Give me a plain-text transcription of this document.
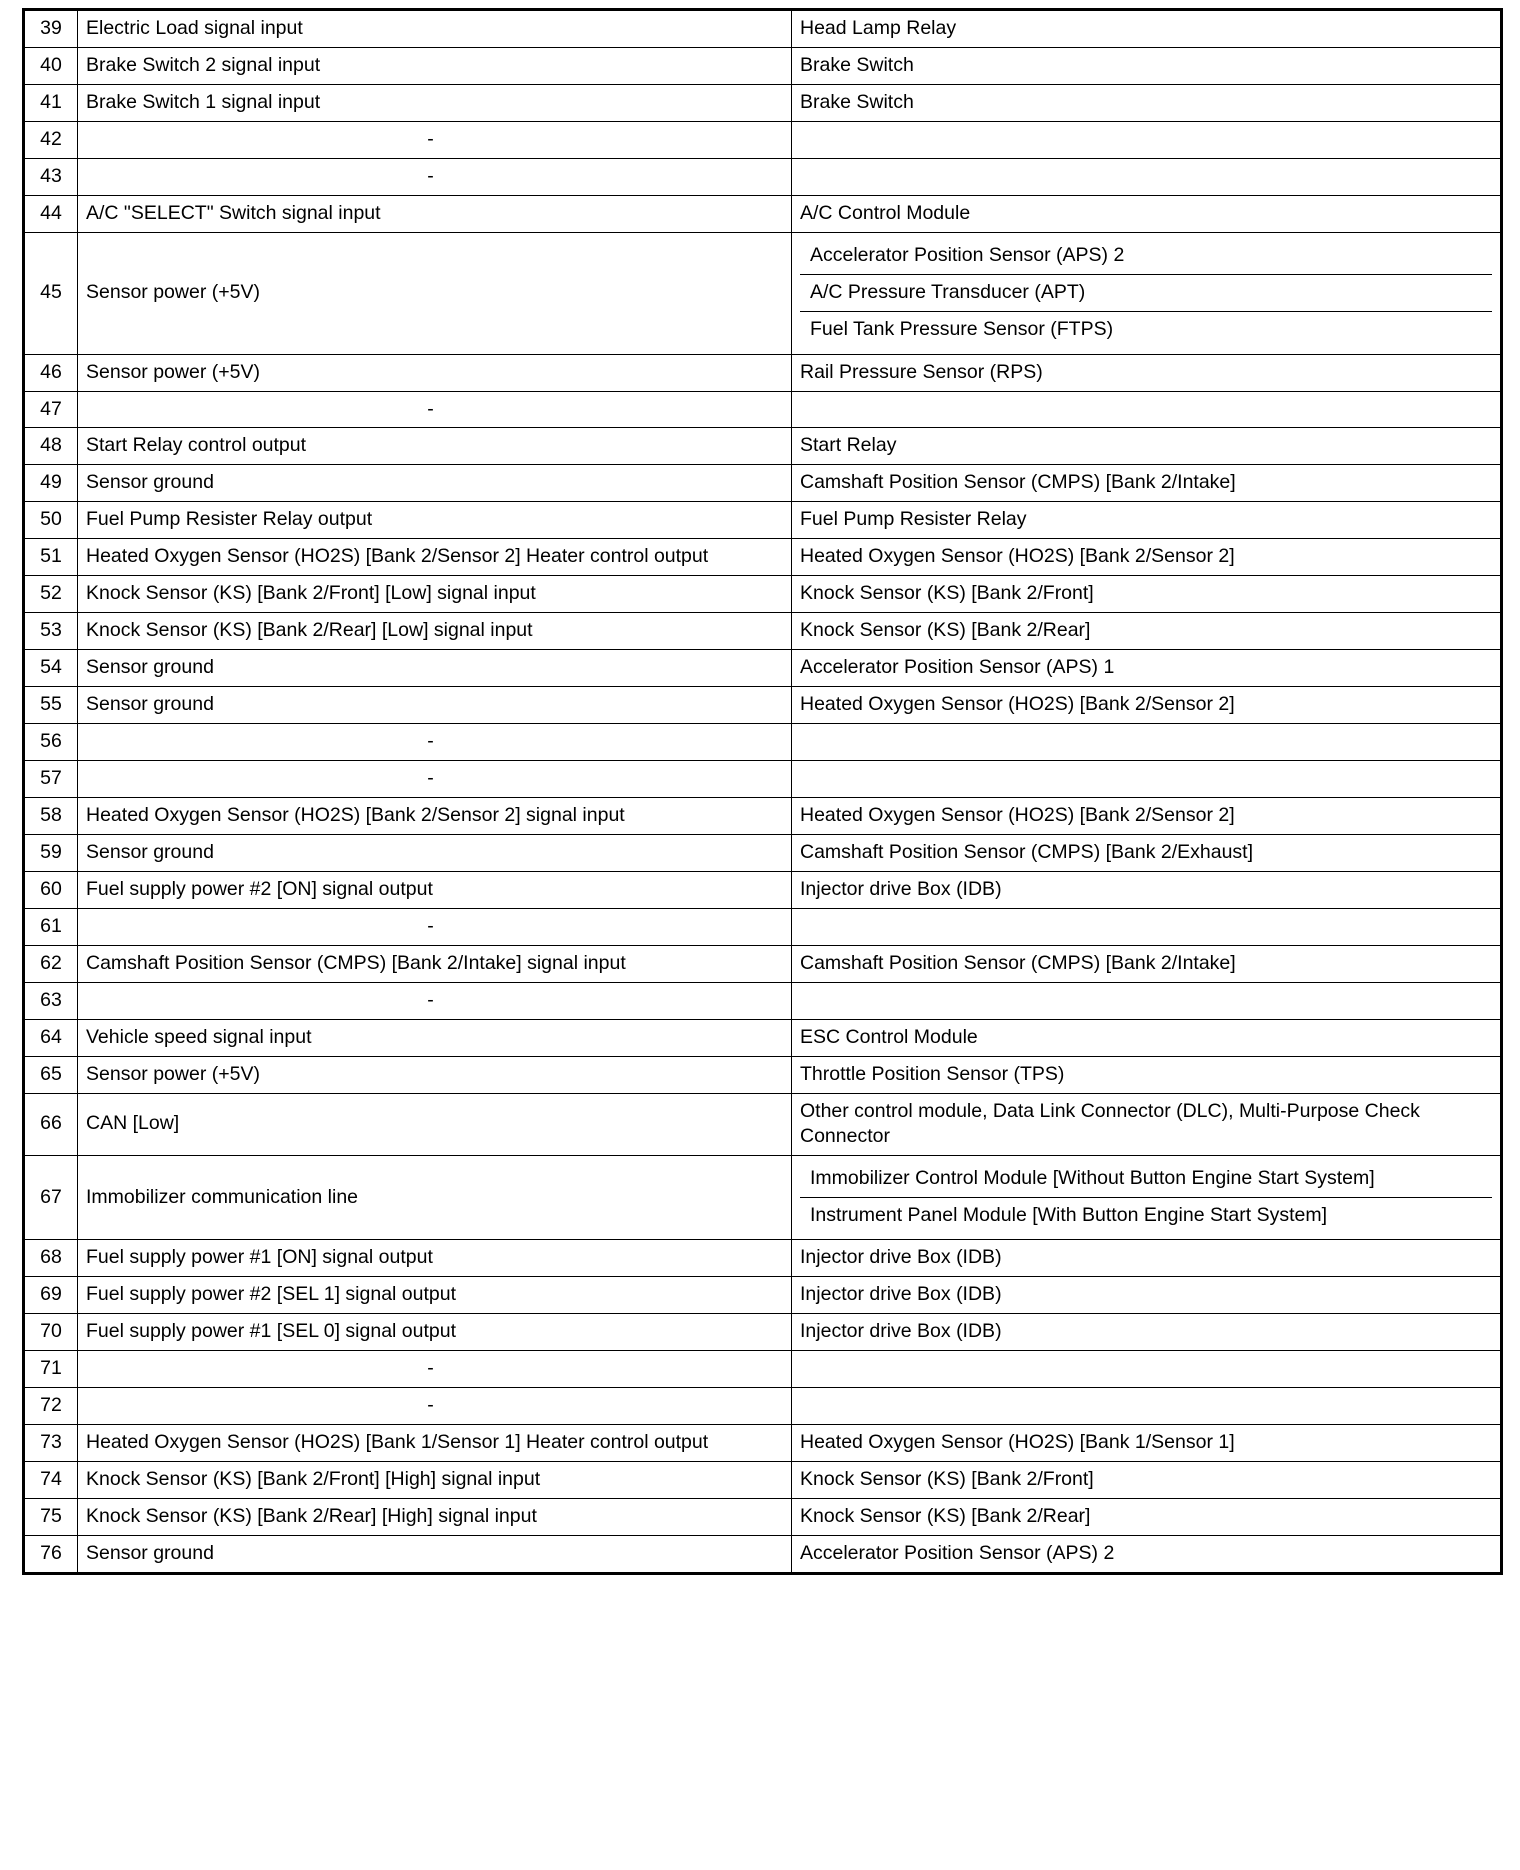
39	Electric Load signal input	Head Lamp Relay
40	Brake Switch 2 signal input	Brake Switch
41	Brake Switch 1 signal input	Brake Switch
42	-	
43	-	
44	A/C "SELECT" Switch signal input	A/C Control Module
45	Sensor power (+5V)	Accelerator Position Sensor (APS) 2
A/C Pressure Transducer (APT)
Fuel Tank Pressure Sensor (FTPS)

46	Sensor power (+5V)	Rail Pressure Sensor (RPS)
47	-	
48	Start Relay control output	Start Relay
49	Sensor ground	Camshaft Position Sensor (CMPS) [Bank 2/Intake]
50	Fuel Pump Resister Relay output	Fuel Pump Resister Relay
51	Heated Oxygen Sensor (HO2S) [Bank 2/Sensor 2] Heater control output	Heated Oxygen Sensor (HO2S) [Bank 2/Sensor 2]
52	Knock Sensor (KS) [Bank 2/Front] [Low] signal input	Knock Sensor (KS) [Bank 2/Front]
53	Knock Sensor (KS) [Bank 2/Rear] [Low] signal input	Knock Sensor (KS) [Bank 2/Rear]
54	Sensor ground	Accelerator Position Sensor (APS) 1
55	Sensor ground	Heated Oxygen Sensor (HO2S) [Bank 2/Sensor 2]
56	-	
57	-	
58	Heated Oxygen Sensor (HO2S) [Bank 2/Sensor 2] signal input	Heated Oxygen Sensor (HO2S) [Bank 2/Sensor 2]
59	Sensor ground	Camshaft Position Sensor (CMPS) [Bank 2/Exhaust]
60	Fuel supply power #2 [ON] signal output	Injector drive Box (IDB)
61	-	
62	Camshaft Position Sensor (CMPS) [Bank 2/Intake] signal input	Camshaft Position Sensor (CMPS) [Bank 2/Intake]
63	-	
64	Vehicle speed signal input	ESC Control Module
65	Sensor power (+5V)	Throttle Position Sensor (TPS)
66	CAN [Low]	Other control module, Data Link Connector (DLC), Multi-Purpose Check Connector
67	Immobilizer communication line	Immobilizer Control Module [Without Button Engine Start System]
Instrument Panel Module [With Button Engine Start System]

68	Fuel supply power #1 [ON] signal output	Injector drive Box (IDB)
69	Fuel supply power #2 [SEL 1] signal output	Injector drive Box (IDB)
70	Fuel supply power #1 [SEL 0] signal output	Injector drive Box (IDB)
71	-	
72	-	
73	Heated Oxygen Sensor (HO2S) [Bank 1/Sensor 1] Heater control output	Heated Oxygen Sensor (HO2S) [Bank 1/Sensor 1]
74	Knock Sensor (KS) [Bank 2/Front] [High] signal input	Knock Sensor (KS) [Bank 2/Front]
75	Knock Sensor (KS) [Bank 2/Rear] [High] signal input	Knock Sensor (KS) [Bank 2/Rear]
76	Sensor ground	Accelerator Position Sensor (APS) 2
